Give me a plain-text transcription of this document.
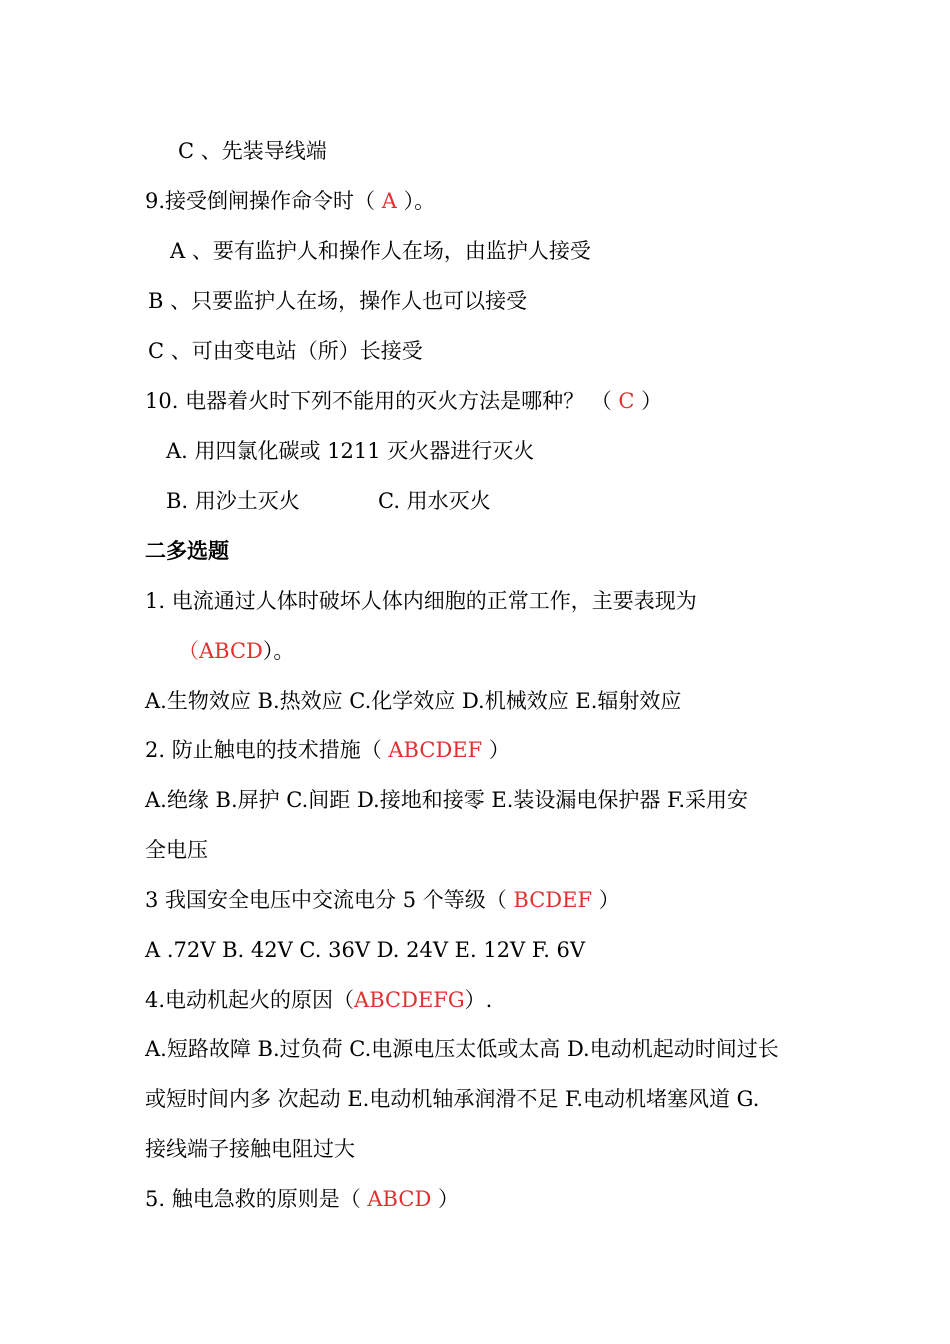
C 、先装导线端
9.接受倒闸操作命令时（ A ）。
A 、要有监护人和操作人在场，由监护人接受
B 、只要监护人在场，操作人也可以接受
C 、可由变电站（所）长接受
10. 电器着火时下列不能用的灭火方法是哪种？ （ C ）
A. 用四氯化碳或 1211 灭火器进行灭火
B. 用沙土灭火	C. 用水灭火
二多选题
1. 电流通过人体时破坏人体内细胞的正常工作，主要表现为
（ABCD）。
A.生物效应 B.热效应 C.化学效应 D.机械效应 E.辐射效应
2. 防止触电的技术措施（ ABCDEF ）
A.绝缘 B.屏护 C.间距 D.接地和接零 E.装设漏电保护器 F.采用安
全电压
3 我国安全电压中交流电分 5 个等级（ BCDEF ）
A .72V B. 42V C. 36V D. 24V E. 12V F. 6V
4.电动机起火的原因（ABCDEFG）.
A.短路故障 B.过负荷 C.电源电压太低或太高 D.电动机起动时间过长
或短时间内多 次起动 E.电动机轴承润滑不足 F.电动机堵塞风道 G.
接线端子接触电阻过大
5. 触电急救的原则是（ ABCD ）
